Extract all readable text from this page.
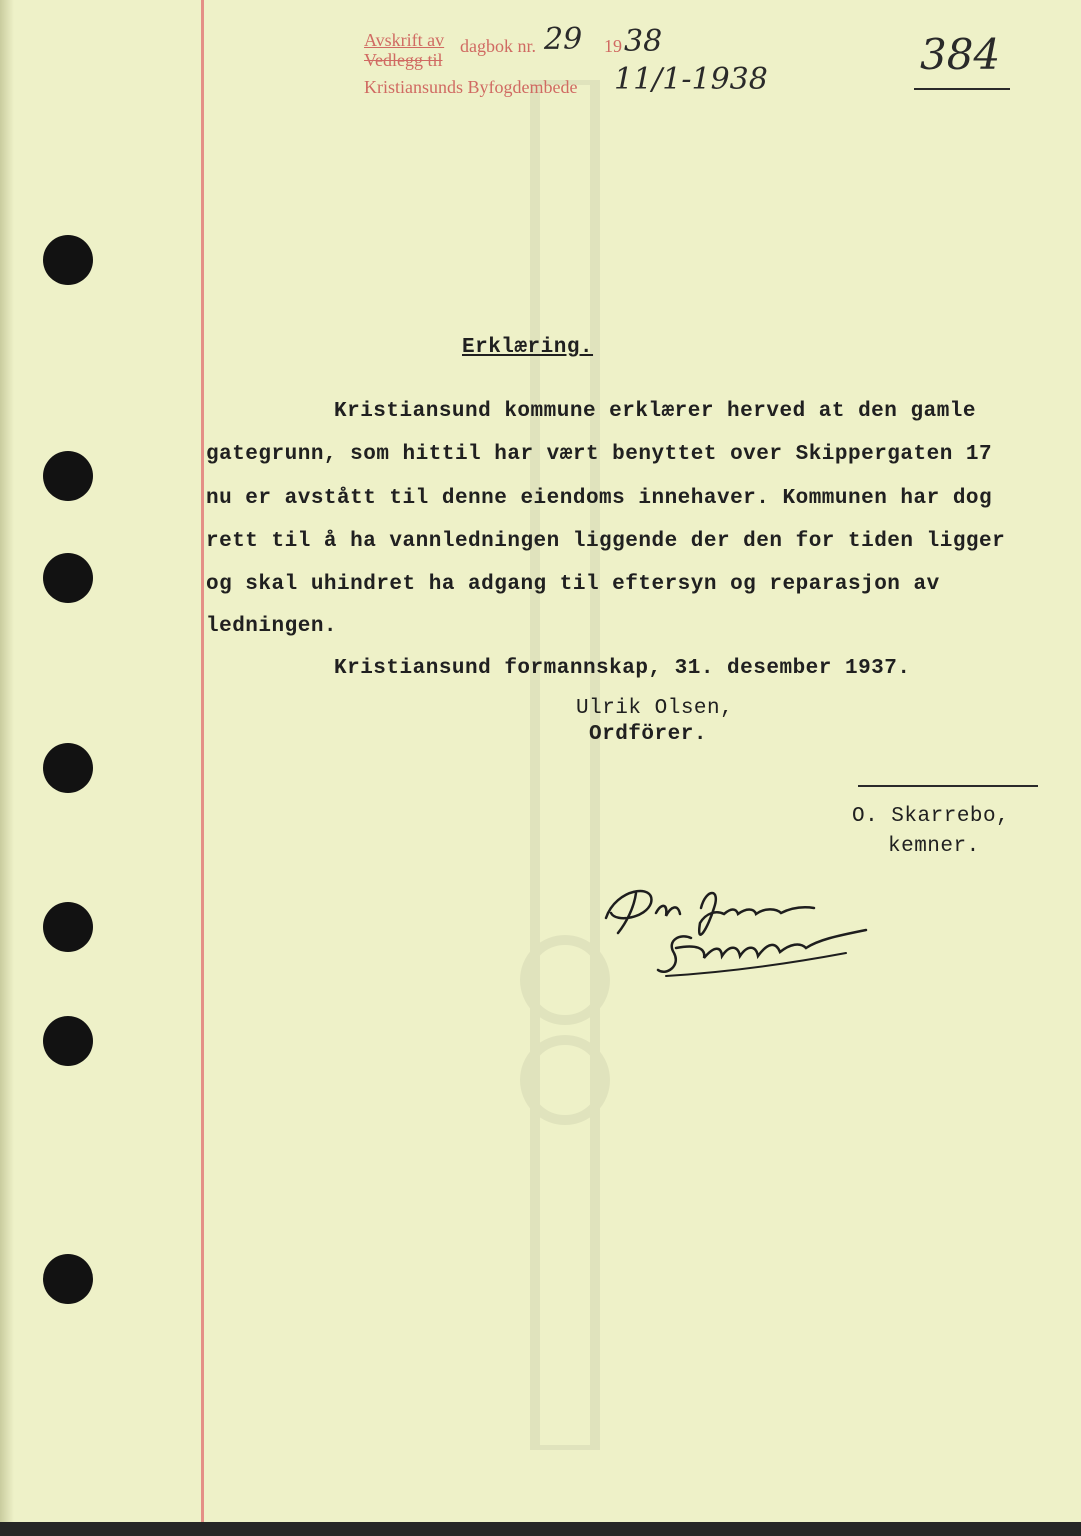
Avskrift av
Vedlegg til
dagbok nr.	19
Kristiansunds Byfogdembede
29 38
11/1-1938
384
Erklæring.
Kristiansund kommune erklærer herved at den gamle
gategrunn, som hittil har vært benyttet over Skippergaten 17
nu er avstått til denne eiendoms innehaver. Kommunen har dog
rett til å ha vannledningen liggende der den for tiden ligger
og skal uhindret ha adgang til eftersyn og reparasjon av
ledningen.
Kristiansund formannskap, 31. desember 1937.
Ulrik Olsen,
Ordförer.
O. Skarrebo,
kemner.
